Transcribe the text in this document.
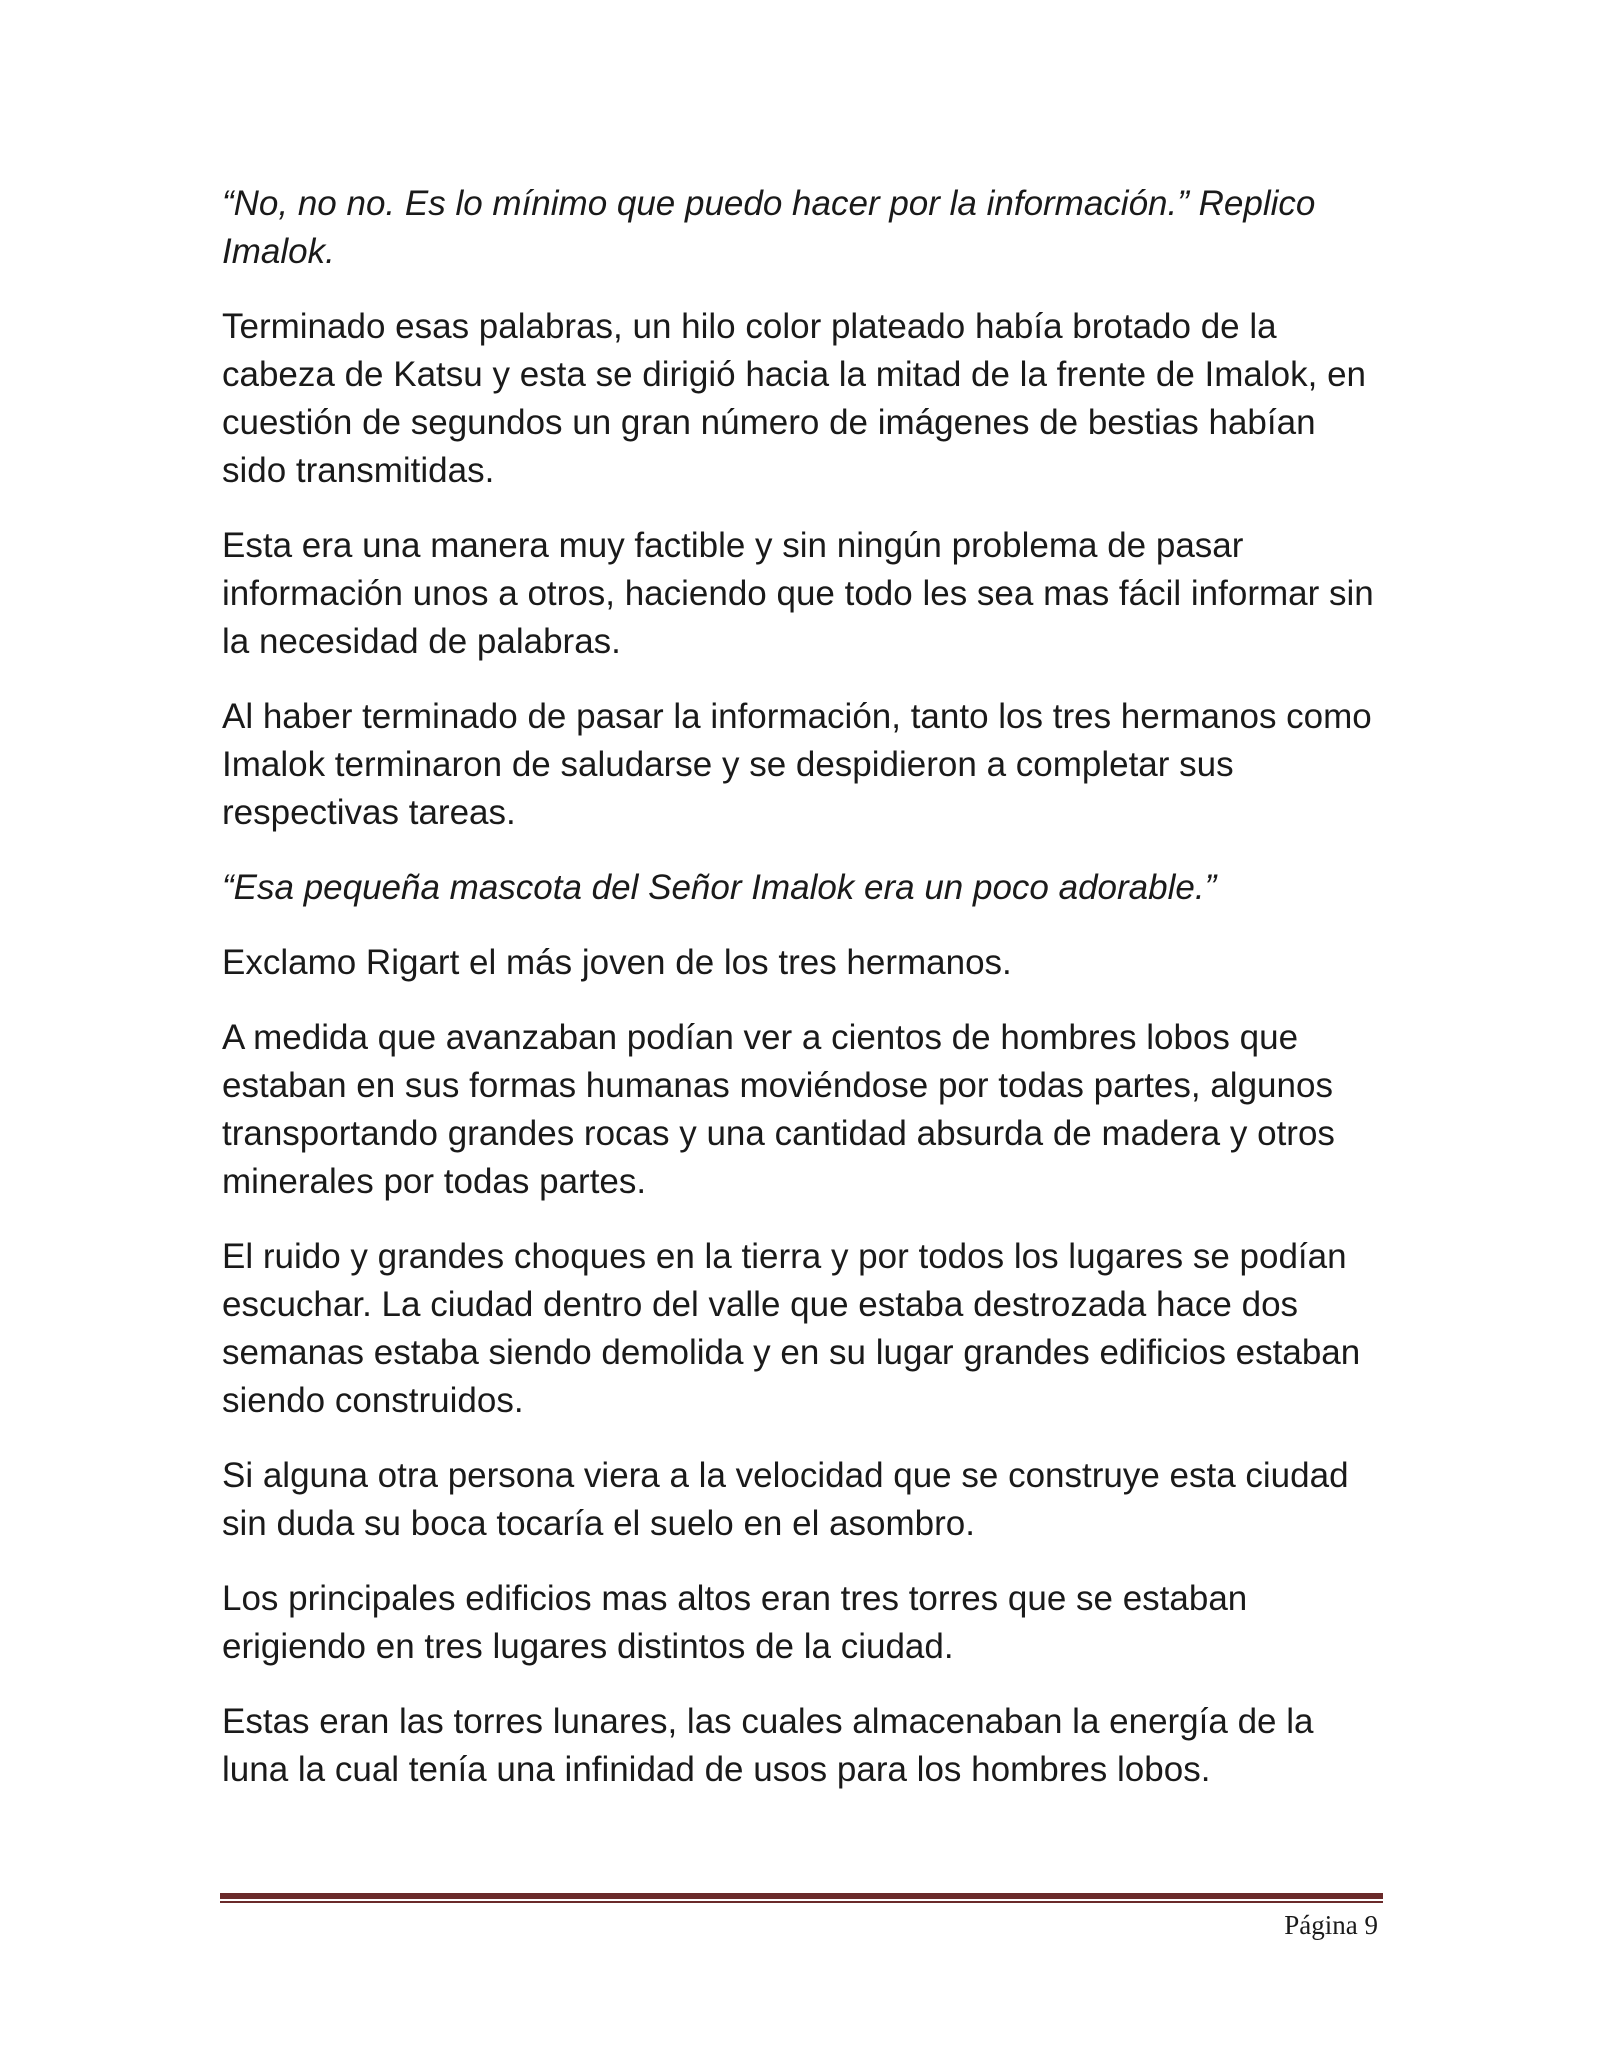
“No, no no. Es lo mínimo que puedo hacer por la información.” Replico Imalok.

Terminado esas palabras, un hilo color plateado había brotado de la cabeza de Katsu y esta se dirigió hacia la mitad de la frente de Imalok, en cuestión de segundos un gran número de imágenes de bestias habían sido transmitidas.

Esta era una manera muy factible y sin ningún problema de pasar información unos a otros, haciendo que todo les sea mas fácil informar sin la necesidad de palabras.

Al haber terminado de pasar la información, tanto los tres hermanos como Imalok terminaron de saludarse y se despidieron a completar sus respectivas tareas.

“Esa pequeña mascota del Señor Imalok era un poco adorable.”

Exclamo Rigart el más joven de los tres hermanos.

A medida que avanzaban podían ver a cientos de hombres lobos que estaban en sus formas humanas moviéndose por todas partes, algunos transportando grandes rocas y una cantidad absurda de madera y otros minerales por todas partes.

El ruido y grandes choques en la tierra y por todos los lugares se podían escuchar. La ciudad dentro del valle que estaba destrozada hace dos semanas estaba siendo demolida y en su lugar grandes edificios estaban siendo construidos.

Si alguna otra persona viera a la velocidad que se construye esta ciudad sin duda su boca tocaría el suelo en el asombro.

Los principales edificios mas altos eran tres torres que se estaban erigiendo en tres lugares distintos de la ciudad.

Estas eran las torres lunares, las cuales almacenaban la energía de la luna la cual tenía una infinidad de usos para los hombres lobos.

Página 9
